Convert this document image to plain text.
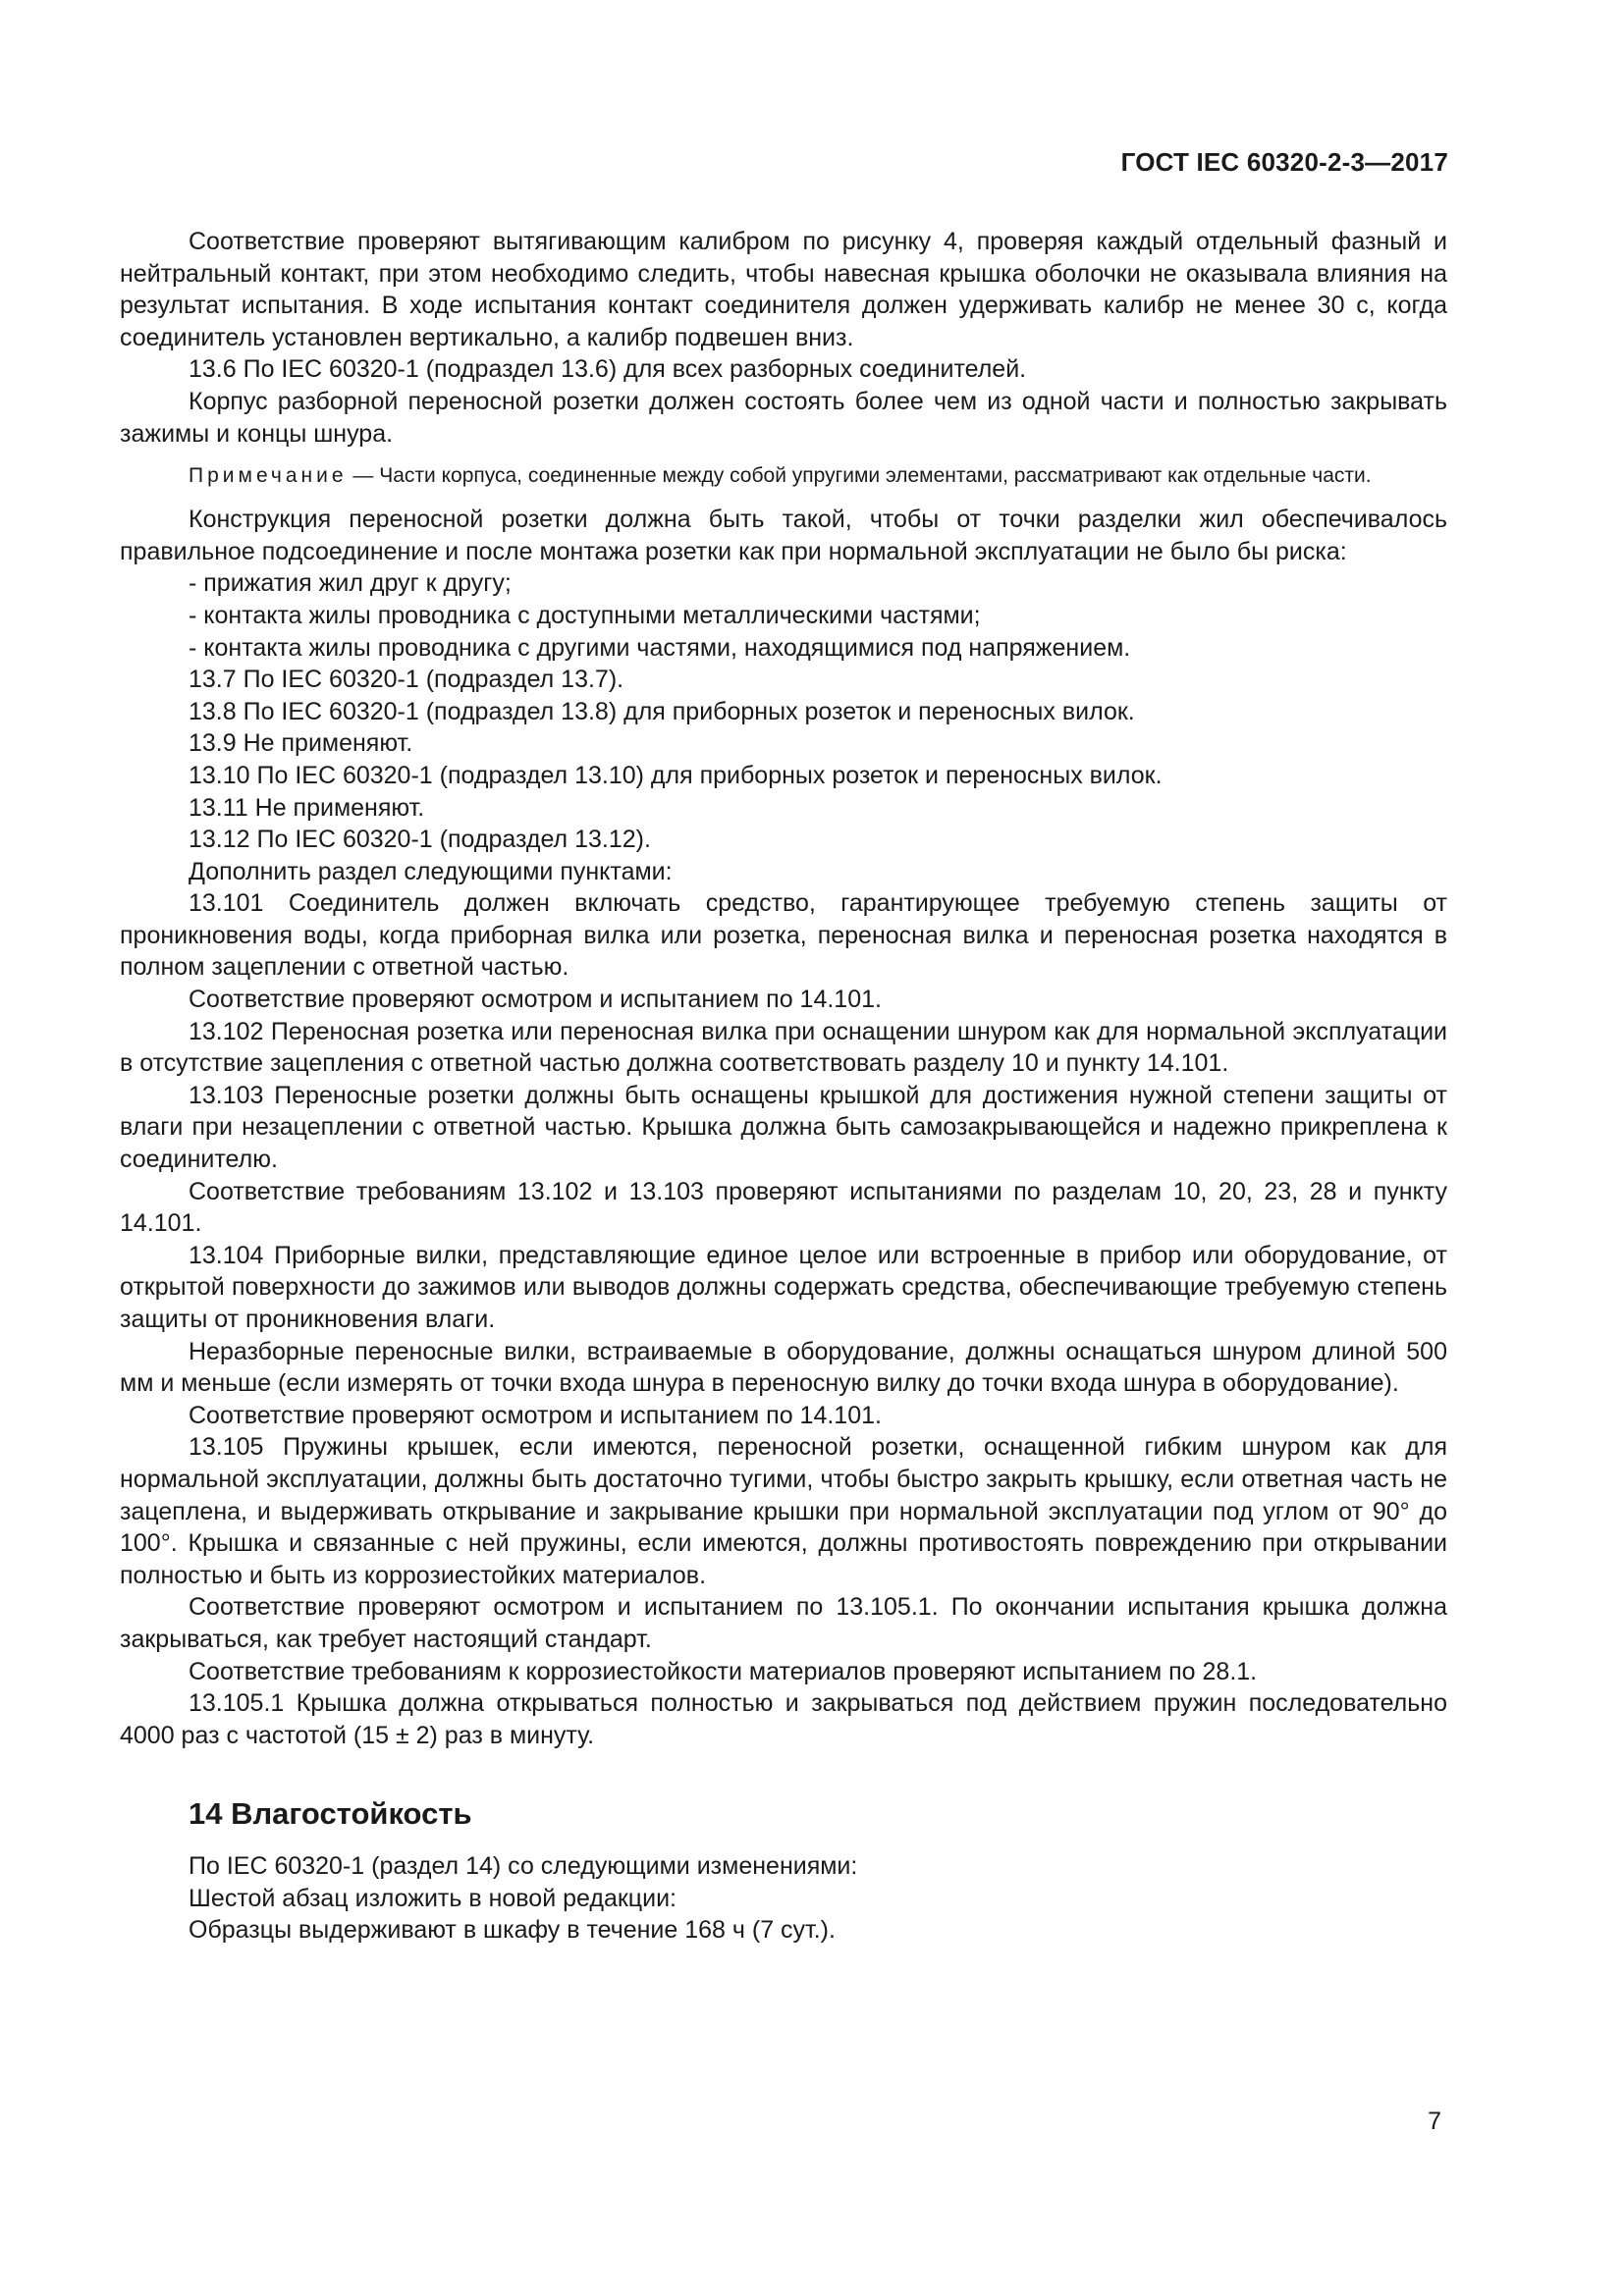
ГОСТ IEC 60320-2-3—2017

Соответствие проверяют вытягивающим калибром по рисунку 4, проверяя каждый отдельный фазный и нейтральный контакт, при этом необходимо следить, чтобы навесная крышка оболочки не оказывала влияния на результат испытания. В ходе испытания контакт соединителя должен удерживать калибр не менее 30 с, когда соединитель установлен вертикально, а калибр подвешен вниз.

13.6 По IEC 60320-1 (подраздел 13.6) для всех разборных соединителей.

Корпус разборной переносной розетки должен состоять более чем из одной части и полностью закрывать зажимы и концы шнура.

Примечание — Части корпуса, соединенные между собой упругими элементами, рассматривают как отдельные части.

Конструкция переносной розетки должна быть такой, чтобы от точки разделки жил обеспечивалось правильное подсоединение и после монтажа розетки как при нормальной эксплуатации не было бы риска:

- прижатия жил друг к другу;

- контакта жилы проводника с доступными металлическими частями;

- контакта жилы проводника с другими частями, находящимися под напряжением.

13.7 По IEC 60320-1 (подраздел 13.7).

13.8 По IEC 60320-1 (подраздел 13.8) для приборных розеток и переносных вилок.

13.9 Не применяют.

13.10 По IEC 60320-1 (подраздел 13.10) для приборных розеток и переносных вилок.

13.11 Не применяют.

13.12 По IEC 60320-1 (подраздел 13.12).

Дополнить раздел следующими пунктами:

13.101 Соединитель должен включать средство, гарантирующее требуемую степень защиты от проникновения воды, когда приборная вилка или розетка, переносная вилка и переносная розетка находятся в полном зацеплении с ответной частью.

Соответствие проверяют осмотром и испытанием по 14.101.

13.102 Переносная розетка или переносная вилка при оснащении шнуром как для нормальной эксплуатации в отсутствие зацепления с ответной частью должна соответствовать разделу 10 и пункту 14.101.

13.103 Переносные розетки должны быть оснащены крышкой для достижения нужной степени защиты от влаги при незацеплении с ответной частью. Крышка должна быть самозакрывающейся и надежно прикреплена к соединителю.

Соответствие требованиям 13.102 и 13.103 проверяют испытаниями по разделам 10, 20, 23, 28 и пункту 14.101.

13.104 Приборные вилки, представляющие единое целое или встроенные в прибор или оборудование, от открытой поверхности до зажимов или выводов должны содержать средства, обеспечивающие требуемую степень защиты от проникновения влаги.

Неразборные переносные вилки, встраиваемые в оборудование, должны оснащаться шнуром длиной 500 мм и меньше (если измерять от точки входа шнура в переносную вилку до точки входа шнура в оборудование).

Соответствие проверяют осмотром и испытанием по 14.101.

13.105 Пружины крышек, если имеются, переносной розетки, оснащенной гибким шнуром как для нормальной эксплуатации, должны быть достаточно тугими, чтобы быстро закрыть крышку, если ответная часть не зацеплена, и выдерживать открывание и закрывание крышки при нормальной эксплуатации под углом от 90° до 100°. Крышка и связанные с ней пружины, если имеются, должны противостоять повреждению при открывании полностью и быть из коррозиестойких материалов.

Соответствие проверяют осмотром и испытанием по 13.105.1. По окончании испытания крышка должна закрываться, как требует настоящий стандарт.

Соответствие требованиям к коррозиестойкости материалов проверяют испытанием по 28.1.

13.105.1 Крышка должна открываться полностью и закрываться под действием пружин последовательно 4000 раз с частотой (15 ± 2) раз в минуту.

14 Влагостойкость

По IEC 60320-1 (раздел 14) со следующими изменениями:

Шестой абзац изложить в новой редакции:

Образцы выдерживают в шкафу в течение 168 ч (7 сут.).

7
